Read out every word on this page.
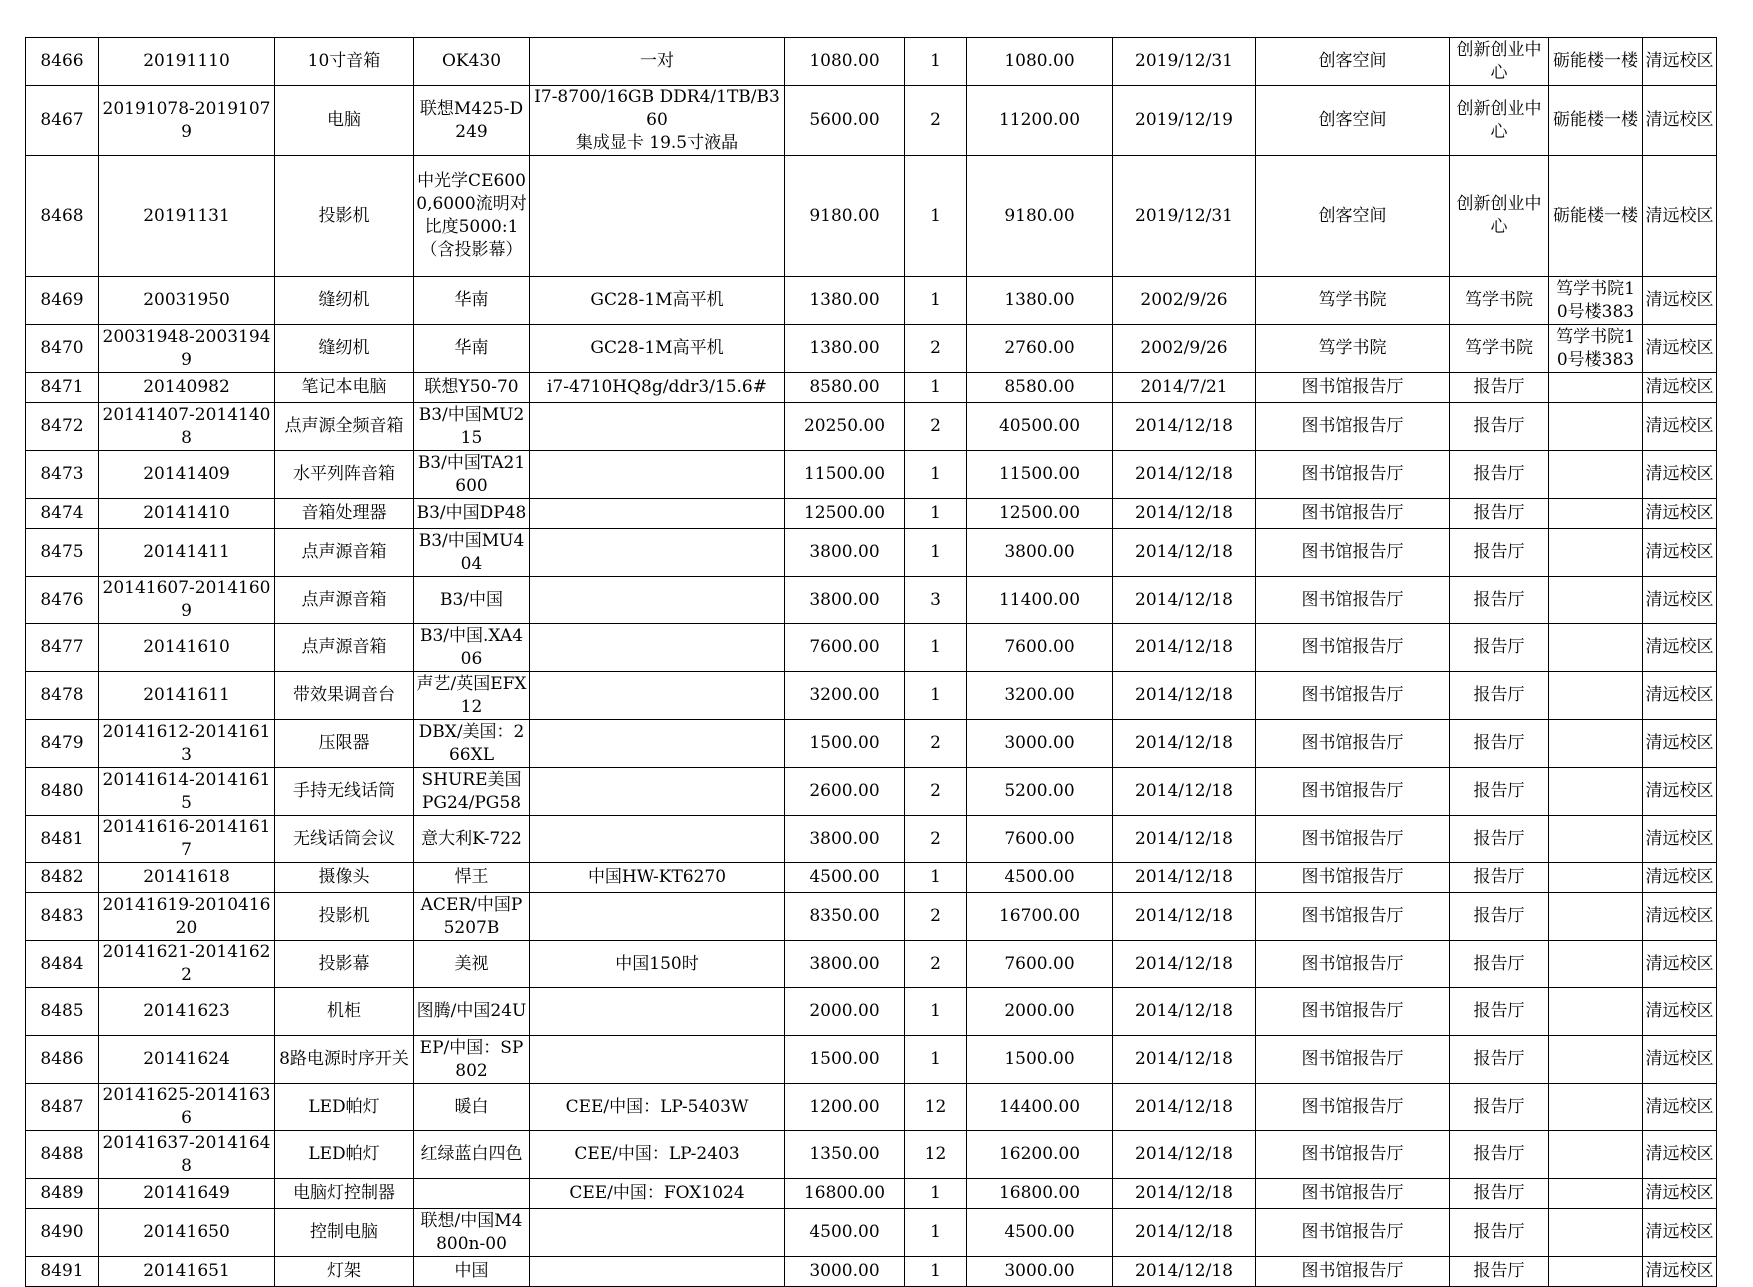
8466	20191110	10寸音箱	OK430	一对	1080.00	1	1080.00	2019/12/31	创客空间	创新创业中心	砺能楼一楼	清远校区
8467	20191078-20191079	电脑	联想M425-D249	I7-8700/16GB DDR4/1TB/B360
集成显卡 19.5寸液晶	5600.00	2	11200.00	2019/12/19	创客空间	创新创业中心	砺能楼一楼	清远校区
8468	20191131	投影机	中光学CE6000,6000流明对比度5000:1（含投影幕）		9180.00	1	9180.00	2019/12/31	创客空间	创新创业中心	砺能楼一楼	清远校区
8469	20031950	缝纫机	华南	GC28-1M高平机	1380.00	1	1380.00	2002/9/26	笃学书院	笃学书院	笃学书院10号楼383	清远校区
8470	20031948-20031949	缝纫机	华南	GC28-1M高平机	1380.00	2	2760.00	2002/9/26	笃学书院	笃学书院	笃学书院10号楼383	清远校区
8471	20140982	笔记本电脑	联想Y50-70	i7-4710HQ8g/ddr3/15.6#	8580.00	1	8580.00	2014/7/21	图书馆报告厅	报告厅		清远校区
8472	20141407-20141408	点声源全频音箱	B3/中国MU215		20250.00	2	40500.00	2014/12/18	图书馆报告厅	报告厅		清远校区
8473	20141409	水平列阵音箱	B3/中国TA21600		11500.00	1	11500.00	2014/12/18	图书馆报告厅	报告厅		清远校区
8474	20141410	音箱处理器	B3/中国DP48		12500.00	1	12500.00	2014/12/18	图书馆报告厅	报告厅		清远校区
8475	20141411	点声源音箱	B3/中国MU404		3800.00	1	3800.00	2014/12/18	图书馆报告厅	报告厅		清远校区
8476	20141607-20141609	点声源音箱	B3/中国		3800.00	3	11400.00	2014/12/18	图书馆报告厅	报告厅		清远校区
8477	20141610	点声源音箱	B3/中国.XA406		7600.00	1	7600.00	2014/12/18	图书馆报告厅	报告厅		清远校区
8478	20141611	带效果调音台	声艺/英国EFX12		3200.00	1	3200.00	2014/12/18	图书馆报告厅	报告厅		清远校区
8479	20141612-20141613	压限器	DBX/美国：266XL		1500.00	2	3000.00	2014/12/18	图书馆报告厅	报告厅		清远校区
8480	20141614-20141615	手持无线话筒	SHURE美国PG24/PG58		2600.00	2	5200.00	2014/12/18	图书馆报告厅	报告厅		清远校区
8481	20141616-20141617	无线话筒会议	意大利K-722		3800.00	2	7600.00	2014/12/18	图书馆报告厅	报告厅		清远校区
8482	20141618	摄像头	悍王	中国HW-KT6270	4500.00	1	4500.00	2014/12/18	图书馆报告厅	报告厅		清远校区
8483	20141619-201041620	投影机	ACER/中国P5207B		8350.00	2	16700.00	2014/12/18	图书馆报告厅	报告厅		清远校区
8484	20141621-20141622	投影幕	美视	中国150时	3800.00	2	7600.00	2014/12/18	图书馆报告厅	报告厅		清远校区
8485	20141623	机柜	图腾/中国24U		2000.00	1	2000.00	2014/12/18	图书馆报告厅	报告厅		清远校区
8486	20141624	8路电源时序开关	EP/中国：SP802		1500.00	1	1500.00	2014/12/18	图书馆报告厅	报告厅		清远校区
8487	20141625-20141636	LED帕灯	暖白	CEE/中国：LP-5403W	1200.00	12	14400.00	2014/12/18	图书馆报告厅	报告厅		清远校区
8488	20141637-20141648	LED帕灯	红绿蓝白四色	CEE/中国：LP-2403	1350.00	12	16200.00	2014/12/18	图书馆报告厅	报告厅		清远校区
8489	20141649	电脑灯控制器		CEE/中国：FOX1024	16800.00	1	16800.00	2014/12/18	图书馆报告厅	报告厅		清远校区
8490	20141650	控制电脑	联想/中国M4800n-00		4500.00	1	4500.00	2014/12/18	图书馆报告厅	报告厅		清远校区
8491	20141651	灯架	中国		3000.00	1	3000.00	2014/12/18	图书馆报告厅	报告厅		清远校区
